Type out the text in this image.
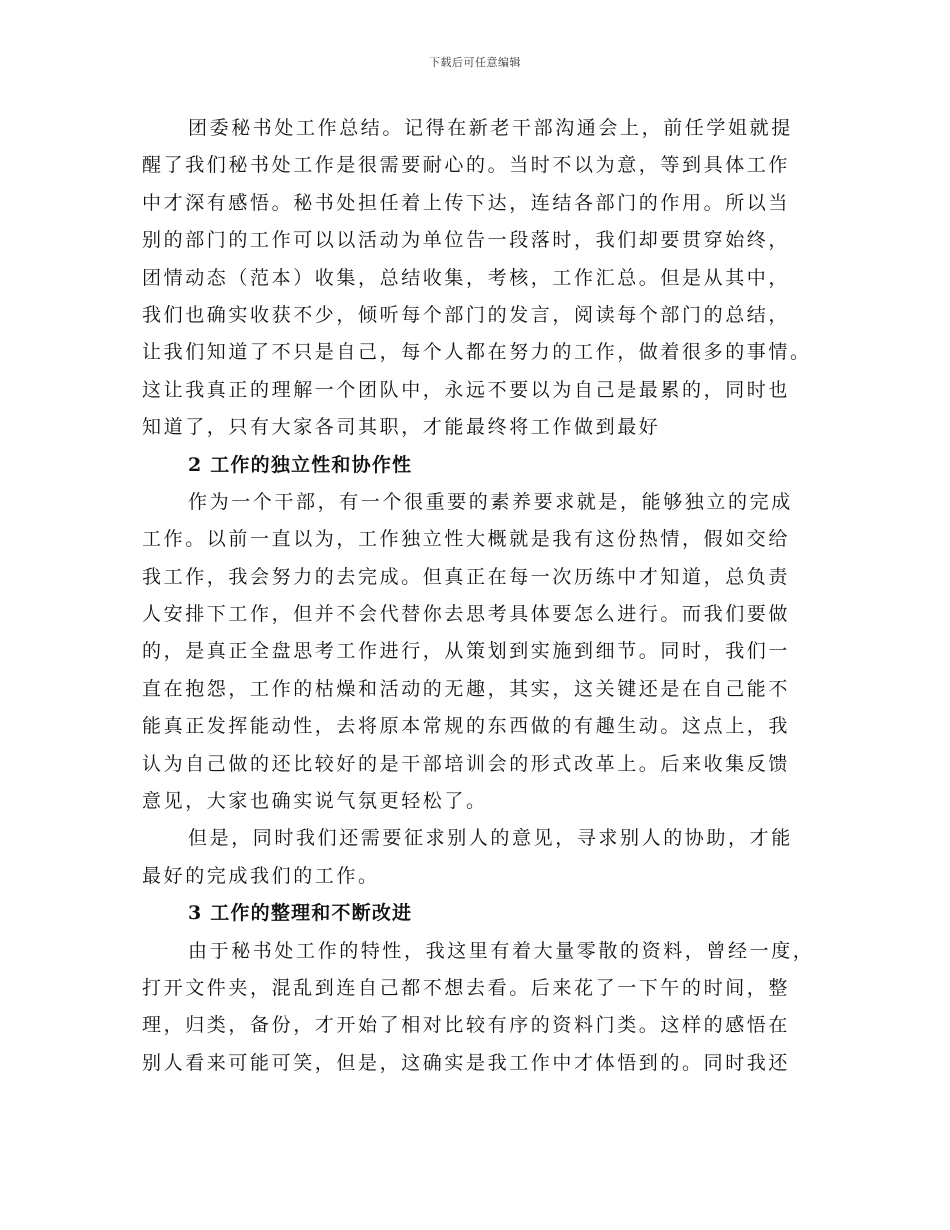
下载后可任意编辑
团委秘书处工作总结。记得在新老干部沟通会上，前任学姐就提
醒了我们秘书处工作是很需要耐心的。当时不以为意，等到具体工作
中才深有感悟。秘书处担任着上传下达，连结各部门的作用。所以当
别的部门的工作可以以活动为单位告一段落时，我们却要贯穿始终，
团情动态（范本）收集，总结收集，考核，工作汇总。但是从其中，
我们也确实收获不少，倾听每个部门的发言，阅读每个部门的总结，
让我们知道了不只是自己，每个人都在努力的工作，做着很多的事情。
这让我真正的理解一个团队中，永远不要以为自己是最累的，同时也
知道了，只有大家各司其职，才能最终将工作做到最好
2 工作的独立性和协作性
作为一个干部，有一个很重要的素养要求就是，能够独立的完成
工作。以前一直以为，工作独立性大概就是我有这份热情，假如交给
我工作，我会努力的去完成。但真正在每一次历练中才知道，总负责
人安排下工作，但并不会代替你去思考具体要怎么进行。而我们要做
的，是真正全盘思考工作进行，从策划到实施到细节。同时，我们一
直在抱怨，工作的枯燥和活动的无趣，其实，这关键还是在自己能不
能真正发挥能动性，去将原本常规的东西做的有趣生动。这点上，我
认为自己做的还比较好的是干部培训会的形式改革上。后来收集反馈
意见，大家也确实说气氛更轻松了。
但是，同时我们还需要征求别人的意见，寻求别人的协助，才能
最好的完成我们的工作。
3 工作的整理和不断改进
由于秘书处工作的特性，我这里有着大量零散的资料，曾经一度，
打开文件夹，混乱到连自己都不想去看。后来花了一下午的时间，整
理，归类，备份，才开始了相对比较有序的资料门类。这样的感悟在
别人看来可能可笑，但是，这确实是我工作中才体悟到的。同时我还
